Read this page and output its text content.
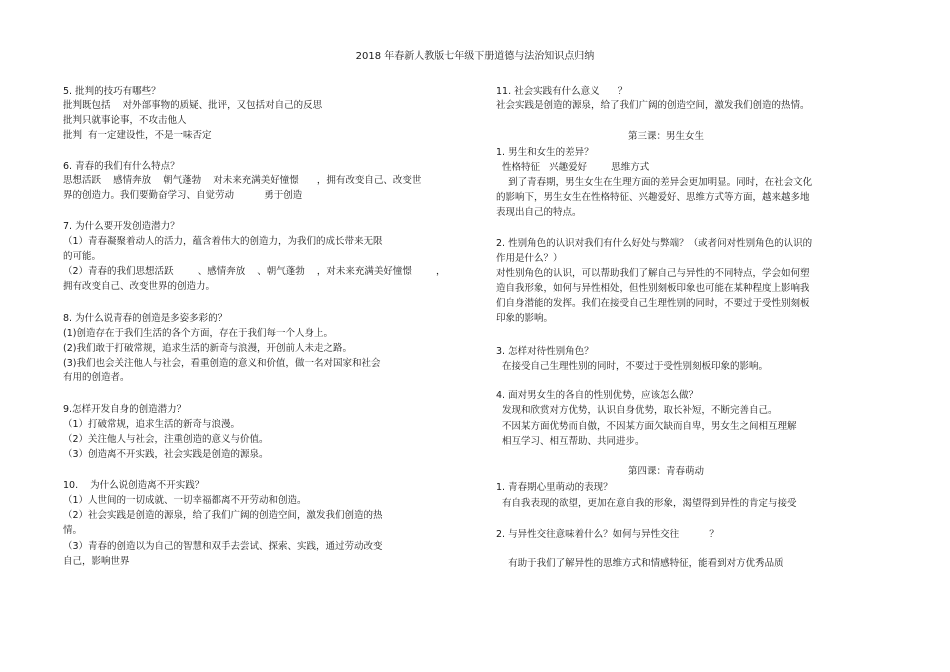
2018 年春新人教版七年级下册道德与法治知识点归纳
5. 批判的技巧有哪些？
批判既包括    对外部事物的质疑、批评，又包括对自己的反思
批判只就事论事，不攻击他人
批判  有一定建设性，不是一味否定
6. 青春的我们有什么特点？
思想活跃    感情奔放    朝气蓬勃    对未来充满美好憧憬      ，拥有改变自己、改变世
界的创造力。我们要勤奋学习、自觉劳动          勇于创造
7. 为什么要开发创造潜力？
（1）青春凝聚着动人的活力，蕴含着伟大的创造力，为我们的成长带来无限
的可能。
（2）青春的我们思想活跃        、感情奔放    、朝气蓬勃    ，对未来充满美好憧憬        ，
拥有改变自己、改变世界的创造力。
8. 为什么说青春的创造是多姿多彩的？
(1)创造存在于我们生活的各个方面，存在于我们每一个人身上。
(2)我们敢于打破常规，追求生活的新奇与浪漫，开创前人未走之路。
(3)我们也会关注他人与社会，看重创造的意义和价值，做一名对国家和社会
有用的创造者。
9.怎样开发自身的创造潜力？
（1）打破常规，追求生活的新奇与浪漫。
（2）关注他人与社会，注重创造的意义与价值。
（3）创造离不开实践，社会实践是创造的源泉。
10.    为什么说创造离不开实践？
（1）人世间的一切成就、一切幸福都离不开劳动和创造。
（2）社会实践是创造的源泉，给了我们广阔的创造空间，激发我们创造的热
情。
（3）青春的创造以为自己的智慧和双手去尝试、探索、实践，通过劳动改变
自己，影响世界
11. 社会实践有什么意义      ？
社会实践是创造的源泉，给了我们广阔的创造空间，激发我们创造的热情。
第三课：男生女生
1. 男生和女生的差异？
性格特征   兴趣爱好        思维方式
到了青春期，男生女生在生理方面的差异会更加明显。同时，在社会文化
的影响下，男生女生在性格特征、兴趣爱好、思维方式等方面，越来越多地
表现出自己的特点。
2. 性别角色的认识对我们有什么好处与弊端？（或者问对性别角色的认识的
作用是什么？）
对性别角色的认识，可以帮助我们了解自己与异性的不同特点，学会如何塑
造自我形象，如何与异性相处，但性别刻板印象也可能在某种程度上影响我
们自身潜能的发挥。我们在接受自己生理性别的同时，不要过于受性别刻板
印象的影响。
3. 怎样对待性别角色？
在接受自己生理性别的同时，不要过于受性别刻板印象的影响。
4. 面对男女生的各自的性别优势，应该怎么做？
发现和欣赏对方优势，认识自身优势，取长补短，不断完善自己。
不因某方面优势而自傲，不因某方面欠缺而自卑，男女生之间相互理解
相互学习、相互帮助、共同进步。
第四课：青春萌动
1. 青春期心里萌动的表现？
有自我表现的欲望，更加在意自我的形象，渴望得到异性的肯定与接受
2. 与异性交往意味着什么？如何与异性交往          ？
有助于我们了解异性的思维方式和情感特征，能看到对方优秀品质
